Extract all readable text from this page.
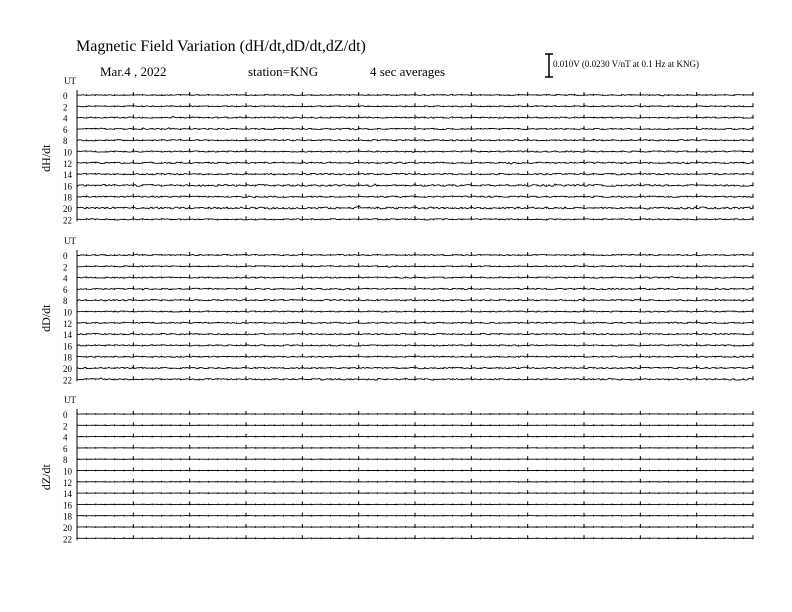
Magnetic Field Variation (dH/dt,dD/dt,dZ/dt)
Mar.4 , 2022	station=KNG	4 sec averages	0.010V (0.0230 V/nT at 0.1 Hz at KNG)
UT
dH/dt
0
2
4
6
8
10
12
14
16
18
20
22
UT
dD/dt
0
2
4
6
8
10
12
14
16
18
20
22
UT
dZ/dt
0
2
4
6
8
10
12
14
16
18
20
22
